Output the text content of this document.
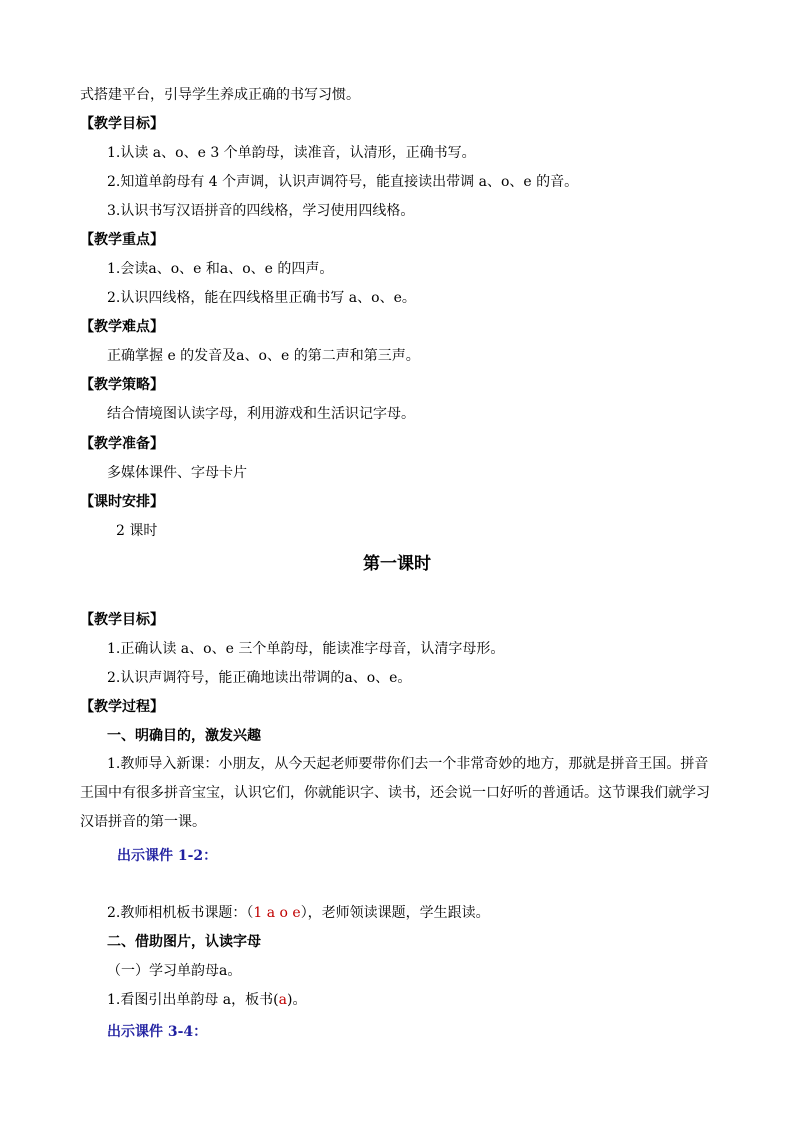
式搭建平台，引导学生养成正确的书写习惯。
【教学目标】
1.认读 a、o、e 3 个单韵母，读准音，认清形，正确书写。
2.知道单韵母有 4 个声调，认识声调符号，能直接读出带调 a、o、e 的音。
3.认识书写汉语拼音的四线格，学习使用四线格。
【教学重点】
1.会读a、o、e 和a、o、e 的四声。
2.认识四线格，能在四线格里正确书写 a、o、e。
【教学难点】
正确掌握 e 的发音及a、o、e 的第二声和第三声。
【教学策略】
结合情境图认读字母，利用游戏和生活识记字母。
【教学准备】
多媒体课件、字母卡片
【课时安排】
2 课时
第一课时
【教学目标】
1.正确认读 a、o、e 三个单韵母，能读准字母音，认清字母形。
2.认识声调符号，能正确地读出带调的a、o、e。
【教学过程】
一、明确目的，激发兴趣
1.教师导入新课：小朋友，从今天起老师要带你们去一个非常奇妙的地方，那就是拼音王国。拼音王国中有很多拼音宝宝，认识它们，你就能识字、读书，还会说一口好听的普通话。这节课我们就学习汉语拼音的第一课。
出示课件 1-2：
2.教师相机板书课题：（1 a o e），老师领读课题，学生跟读。
二、借助图片，认读字母
（一）学习单韵母a。
1.看图引出单韵母 a，板书(a)。
出示课件 3-4：
